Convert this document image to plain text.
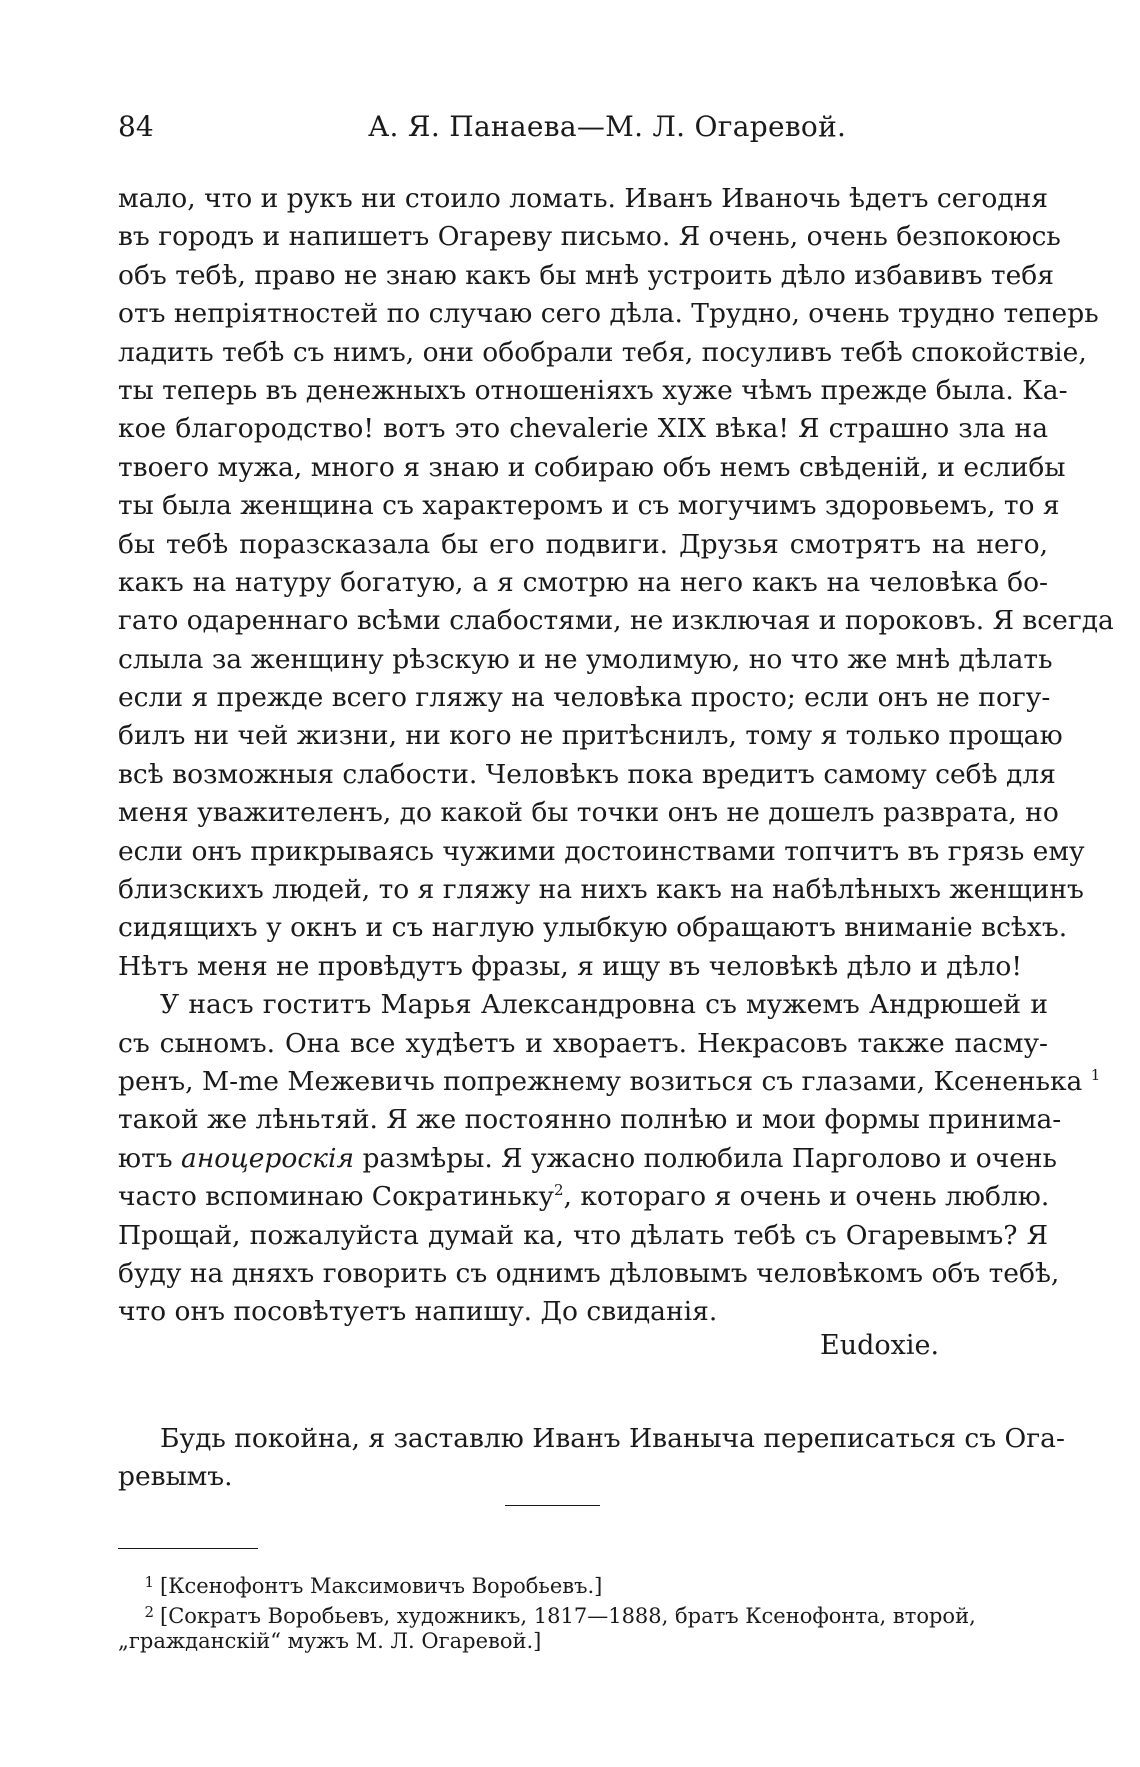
84	А. Я. Панаева—М. Л. Огаревой.
мало, что и рукъ ни стоило ломать. Иванъ Иваночь ѣдетъ сегодня
въ городъ и напишетъ Огареву письмо. Я очень, очень безпокоюсь
объ тебѣ, право не знаю какъ бы мнѣ устроить дѣло избавивъ тебя
отъ непріятностей по случаю сего дѣла. Трудно, очень трудно теперь
ладить тебѣ съ нимъ, они обобрали тебя, посуливъ тебѣ спокойствіе,
ты теперь въ денежныхъ отношеніяхъ хуже чѣмъ прежде была. Ка-
кое благородство! вотъ это chevalerie XIX вѣка! Я страшно зла на
твоего мужа, много я знаю и собираю объ немъ свѣденій, и еслибы
ты была женщина съ характеромъ и съ могучимъ здоровьемъ, то я
бы тебѣ поразсказала бы его подвиги. Друзья смотрятъ на него,
какъ на натуру богатую, а я смотрю на него какъ на человѣка бо-
гато одареннаго всѣми слабостями, не изключая и пороковъ. Я всегда
слыла за женщину рѣзскую и не умолимую, но что же мнѣ дѣлать
если я прежде всего гляжу на человѣка просто; если онъ не погу-
билъ ни чей жизни, ни кого не притѣснилъ, тому я только прощаю
всѣ возможныя слабости. Человѣкъ пока вредитъ самому себѣ для
меня уважителенъ, до какой бы точки онъ не дошелъ разврата, но
если онъ прикрываясь чужими достоинствами топчитъ въ грязь ему
близскихъ людей, то я гляжу на нихъ какъ на набѣлѣныхъ женщинъ
сидящихъ у окнъ и съ наглую улыбкую обращаютъ вниманіе всѣхъ.
Нѣтъ меня не провѣдутъ фразы, я ищу въ человѣкѣ дѣло и дѣло!
У насъ гоститъ Марья Александровна съ мужемъ Андрюшей и
съ сыномъ. Она все худѣетъ и хвораетъ. Некрасовъ также пасму-
ренъ, M-me Межевичь попрежнему возиться съ глазами, Ксененька $^1$
такой же лѣньтяй. Я же постоянно полнѣю и мои формы принима-
ютъ аноцероскія размѣры. Я ужасно полюбила Парголово и очень
часто вспоминаю Сократиньку$^2$, котораго я очень и очень люблю.
Прощай, пожалуйста думай ка, что дѣлать тебѣ съ Огаревымъ? Я
буду на дняхъ говорить съ однимъ дѣловымъ человѣкомъ объ тебѣ,
что онъ посовѣтуетъ напишу. До свиданія.
Eudoxie.
Будь покойна, я заставлю Иванъ Иваныча переписаться съ Ога-
ревымъ.
1 [Ксенофонтъ Максимовичъ Воробьевъ.]
2 [Сократъ Воробьевъ, художникъ, 1817—1888, братъ Ксенофонта, второй,
„гражданскій“ мужъ М. Л. Огаревой.]
